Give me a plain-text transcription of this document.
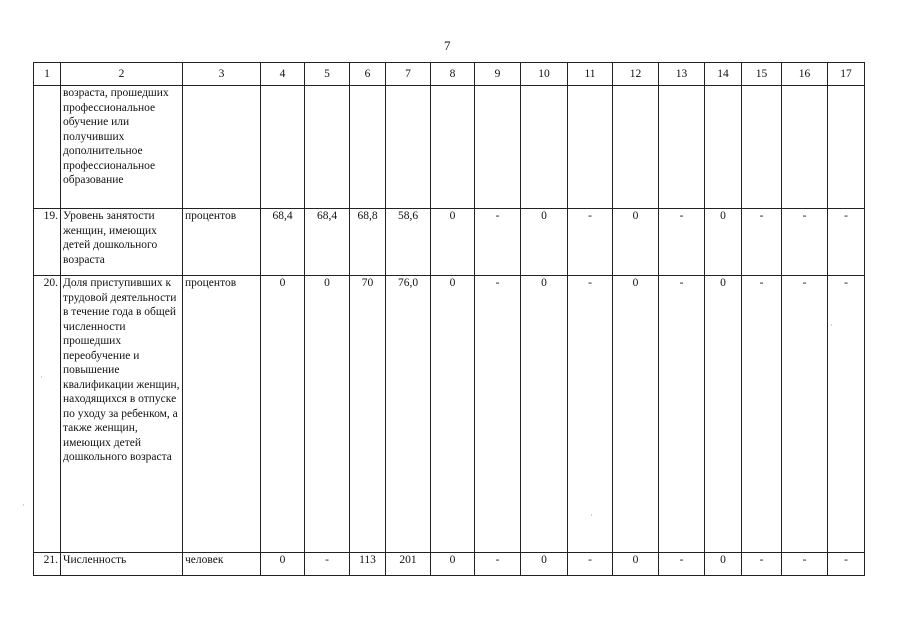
7
1	2	3	4	5	6	7	8	9	10	11	12	13	14	15	16	17
	возраста, прошедших профессиональное обучение или получивших дополнительное профессиональное образование															
19.	Уровень занятости женщин, имеющих детей дошкольного возраста	процентов	68,4	68,4	68,8	58,6	0	-	0	-	0	-	0	-	-	-
20.	Доля приступивших к трудовой деятельности в течение года в общей численности прошедших переобучение и повышение квалификации женщин, находящихся в отпуске по уходу за ребенком, а также женщин, имеющих детей дошкольного возраста	процентов	0	0	70	76,0	0	-	0	-	0	-	0	-	-	-
21.	Численность	человек	0	-	113	201	0	-	0	-	0	-	0	-	-	-
·
·
·
·
